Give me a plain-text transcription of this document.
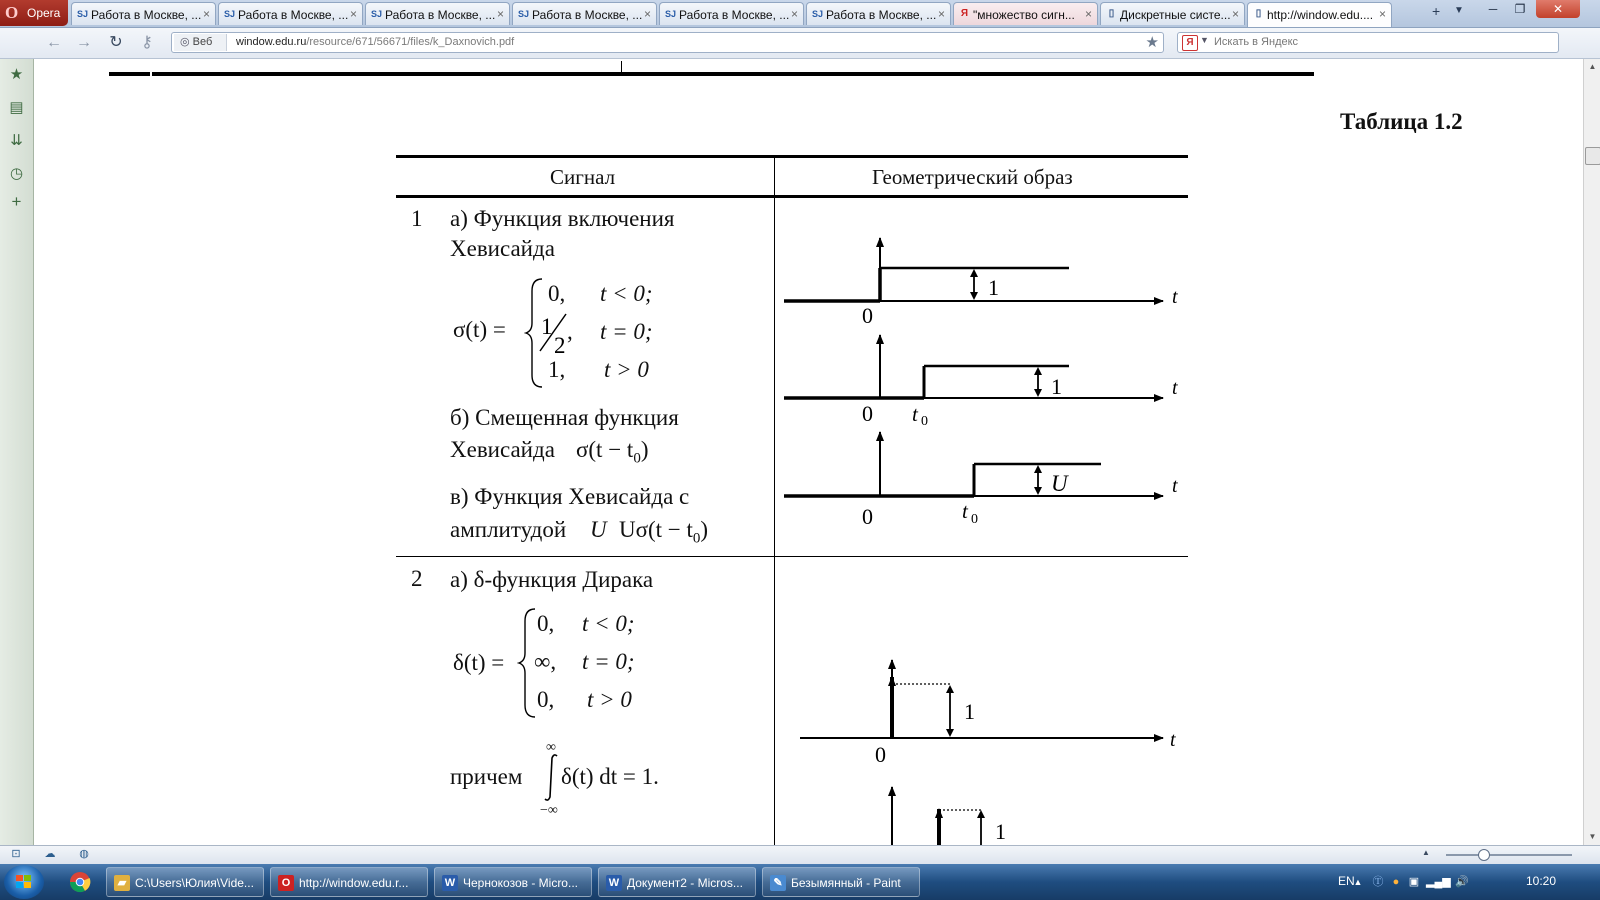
O Opera SJ Работа в Москве, ... × SJ Работа в Москве, ... × SJ Работа в Москве, ... × SJ Работа в Москве, ... × SJ Работа в Москве, ... × SJ Работа в Москве, ... × Я "множество сигн... ×	▯ Дискретные систе... ×	▯ http://window.edu.... ×	+ ▼	─	❐	✕
← → ↻ ⚷	◎ Веб	window.edu.ru/resource/671/56671/files/k_Daxnovich.pdf	★	Я ▼ Искать в Яндекс
★
▤
⇊
◷
+
Таблица 1.2
Сигнал	Геометрический образ
1 а) Функция включения
Хевисайда
σ(t) =
0, t < 0;
1
2
, t = 0;
1, t > 0
б) Смещенная функция
Хевисайда $\sigma(t - t_0)$
в) Функция Хевисайда с
амплитудой U $U\sigma(t - t_0)$
2 а) δ-функция Дирака
δ(t) =
0, t < 0;
∞, t = 0;
0, t > 0
причем
∞
−∞
δ(t) dt = 1.
1
0
t
1
0 t 0
t
U
0	t 0
t
1
0
t
1
▲
▼
⊡	☁ ◍	▲
▰ C:\Users\Юлия\Vide...	O http://window.edu.r...	W Чернокозов - Micro...	W Документ2 - Micros...	✎ Безымянный - Paint	EN
▲ Ⓣ ● ▣ ▂▄▆ 🔊	10:20
